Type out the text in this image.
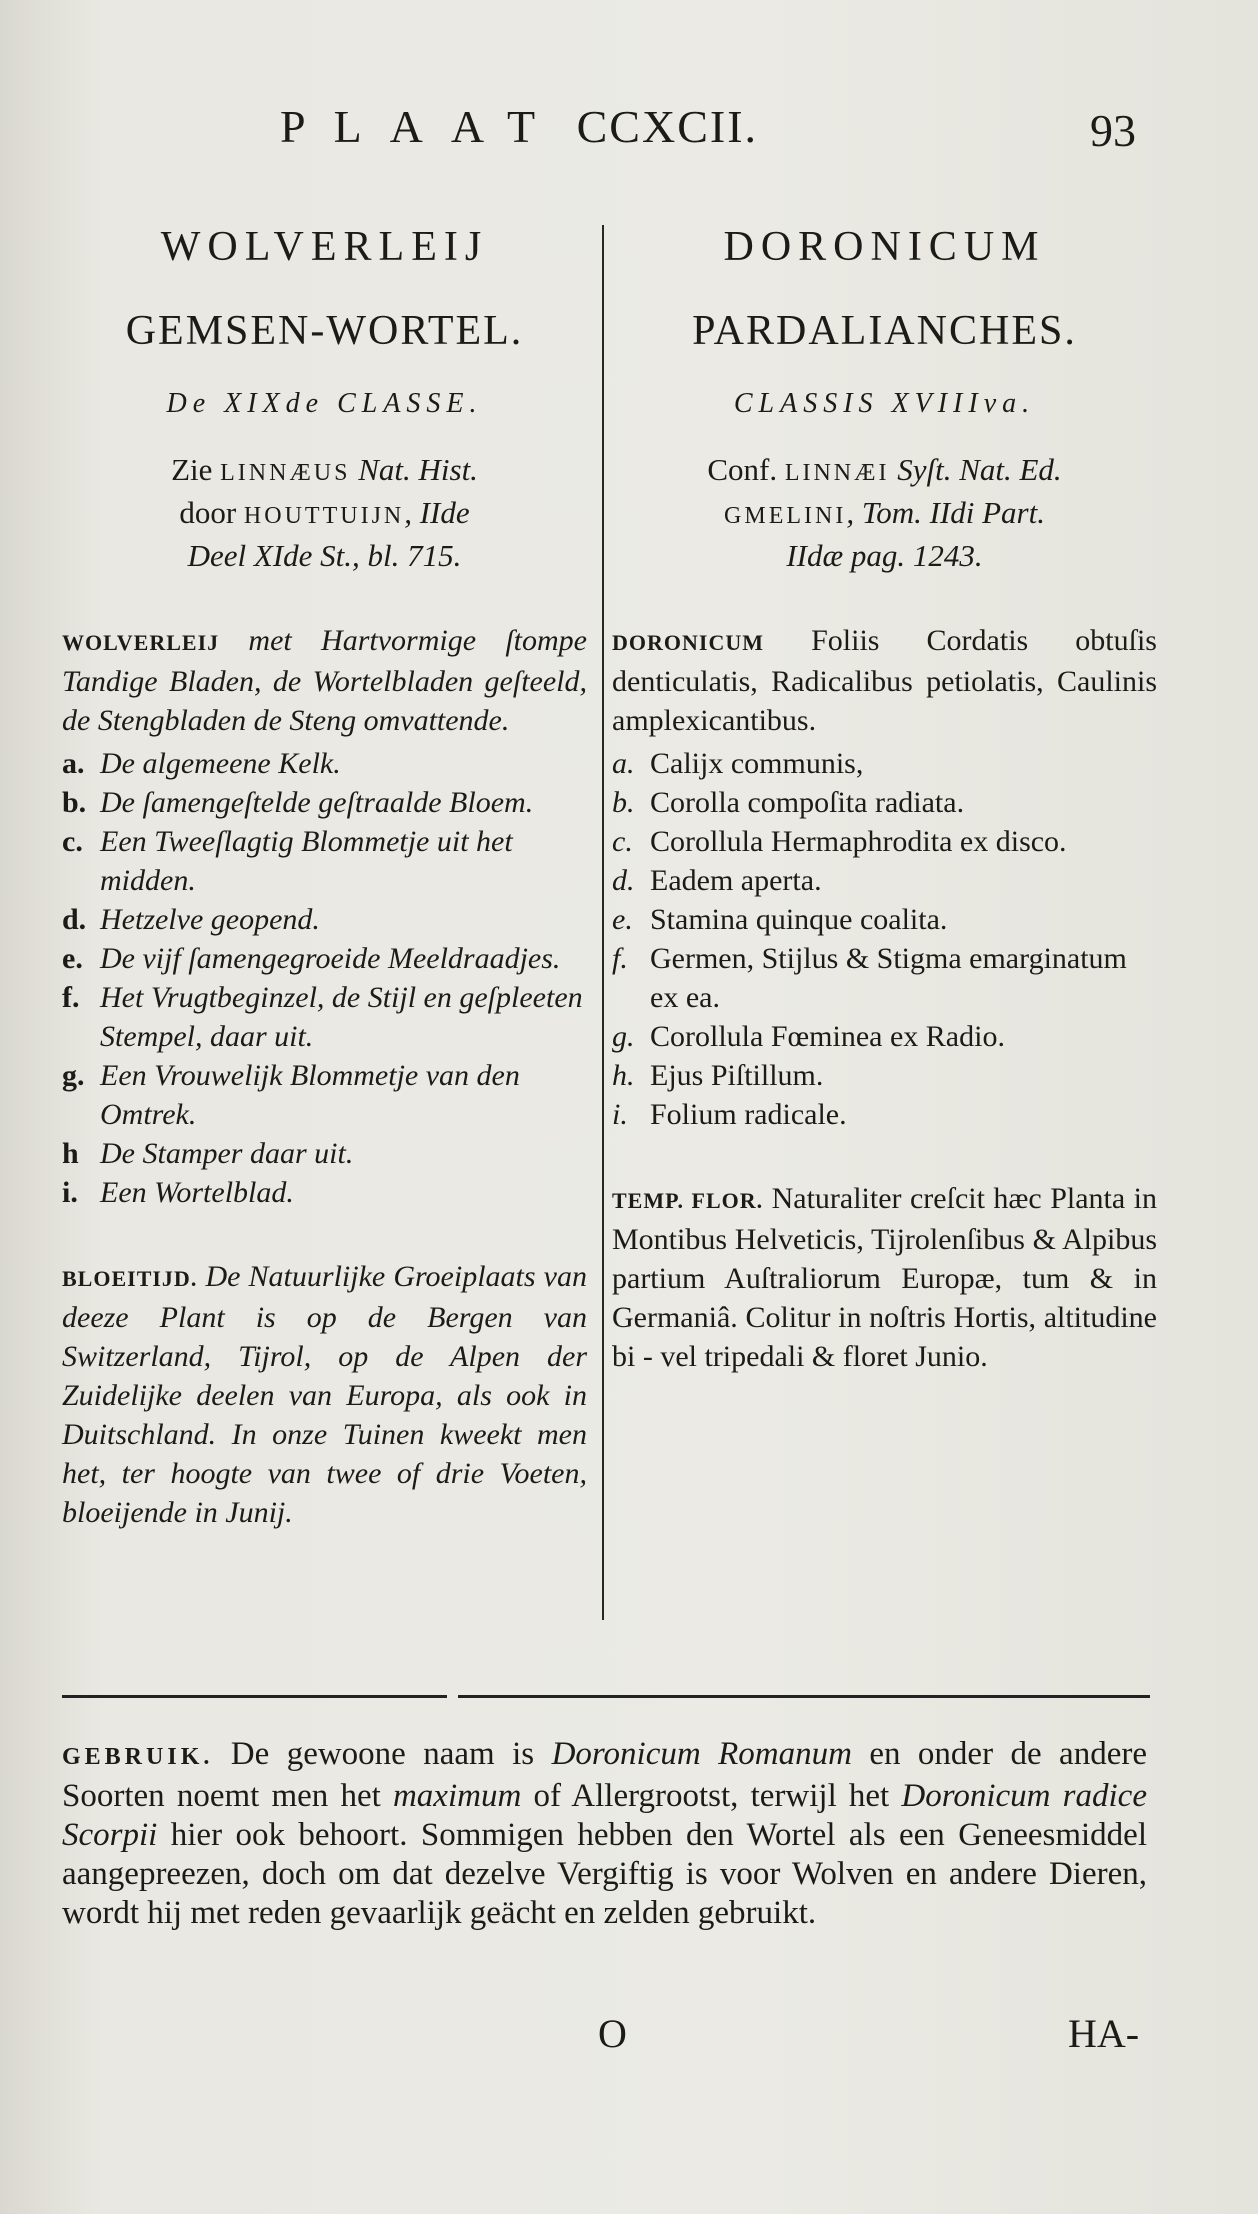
PLAAT CCXCII.	93
WOLVERLEIJ
GEMSEN-WORTEL.
De XIXde CLASSE.
Zie LINNÆUS Nat. Hist.
door HOUTTUIJN, IIde
Deel XIde St., bl. 715.
WOLVERLEIJ met Hartvormige ſtompe Tandige Bladen, de Wortelbladen geſteeld, de Stengbladen de Steng omvattende.
a. De algemeene Kelk.
b. De ſamengeſtelde geſtraalde Bloem.
c. Een Tweeſlagtig Blommetje uit het midden.
d. Hetzelve geopend.
e. De vijf ſamengegroeide Meeldraadjes.
f. Het Vrugtbeginzel, de Stijl en geſpleeten Stempel, daar uit.
g. Een Vrouwelijk Blommetje van den Omtrek.
h De Stamper daar uit.
i. Een Wortelblad.
BLOEITIJD. De Natuurlijke Groeiplaats van deeze Plant is op de Bergen van Switzerland, Tijrol, op de Alpen der Zuidelijke deelen van Europa, als ook in Duitschland. In onze Tuinen kweekt men het, ter hoogte van twee of drie Voeten, bloeijende in Junij.
DORONICUM
PARDALIANCHES.
CLASSIS XVIIIva.
Conf. LINNÆI Syſt. Nat. Ed.
GMELINI, Tom. IIdi Part.
IIdæ pag. 1243.
DORONICUM Foliis Cordatis obtuſis denticulatis, Radicalibus petiolatis, Caulinis amplexicantibus.
a. Calijx communis,
b. Corolla compoſita radiata.
c. Corollula Hermaphrodita ex disco.
d. Eadem aperta.
e. Stamina quinque coalita.
f. Germen, Stijlus & Stigma emarginatum ex ea.
g. Corollula Fœminea ex Radio.
h. Ejus Piſtillum.
i. Folium radicale.
TEMP. FLOR. Naturaliter creſcit hæc Planta in Montibus Helveticis, Tijrolenſibus & Alpibus partium Auſtraliorum Europæ, tum & in Germaniâ. Colitur in noſtris Hortis, altitudine bi - vel tripedali & floret Junio.
GEBRUIK. De gewoone naam is Doronicum Romanum en onder de andere Soorten noemt men het maximum of Allergrootst, terwijl het Doronicum radice Scorpii hier ook behoort. Sommigen hebben den Wortel als een Geneesmiddel aangepreezen, doch om dat dezelve Vergiftig is voor Wolven en andere Dieren, wordt hij met reden gevaarlijk geächt en zelden gebruikt.
O	HA-
